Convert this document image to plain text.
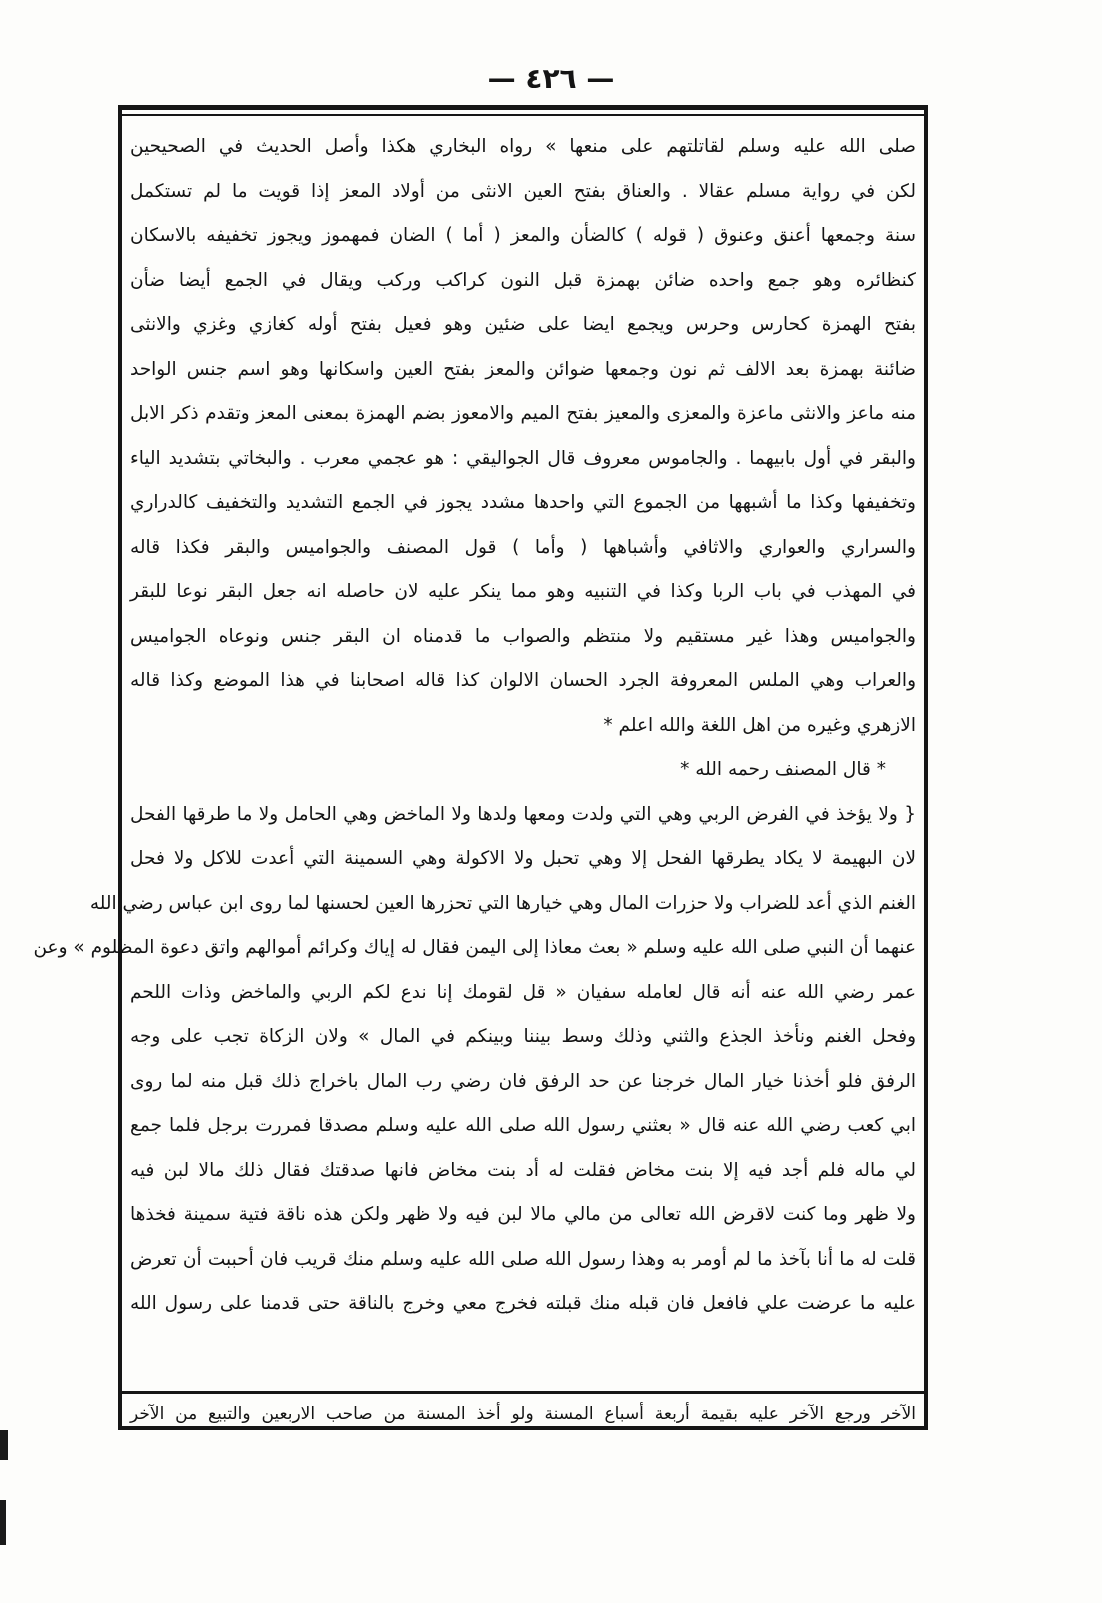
— ٤٢٦ —
صلى الله عليه وسلم لقاتلتهم على منعها » رواه البخاري هكذا وأصل الحديث في الصحيحين
لكن في رواية مسلم عقالا . والعناق بفتح العين الانثى من أولاد المعز إذا قويت ما لم تستكمل
سنة وجمعها أعنق وعنوق ( قوله ) كالضأن والمعز ( أما ) الضان فمهموز ويجوز تخفيفه بالاسكان
كنظائره وهو جمع واحده ضائن بهمزة قبل النون كراكب وركب ويقال في الجمع أيضا ضأن
بفتح الهمزة كحارس وحرس ويجمع ايضا على ضئين وهو فعيل بفتح أوله كغازي وغزي والانثى
ضائنة بهمزة بعد الالف ثم نون وجمعها ضوائن والمعز بفتح العين واسكانها وهو اسم جنس الواحد
منه ماعز والانثى ماعزة والمعزى والمعيز بفتح الميم والامعوز بضم الهمزة بمعنى المعز وتقدم ذكر الابل
والبقر في أول بابيهما . والجاموس معروف قال الجواليقي : هو عجمي معرب . والبخاتي بتشديد الياء
وتخفيفها وكذا ما أشبهها من الجموع التي واحدها مشدد يجوز في الجمع التشديد والتخفيف كالدراري
والسراري والعواري والاثافي وأشباهها ( وأما ) قول المصنف والجواميس والبقر فكذا قاله
في المهذب في باب الربا وكذا في التنبيه وهو مما ينكر عليه لان حاصله انه جعل البقر نوعا للبقر
والجواميس وهذا غير مستقيم ولا منتظم والصواب ما قدمناه ان البقر جنس ونوعاه الجواميس
والعراب وهي الملس المعروفة الجرد الحسان الالوان كذا قاله اصحابنا في هذا الموضع وكذا قاله
الازهري وغيره من اهل اللغة والله اعلم *
* قال المصنف رحمه الله *
{ ولا يؤخذ في الفرض الربي وهي التي ولدت ومعها ولدها ولا الماخض وهي الحامل ولا ما طرقها الفحل
لان البهيمة لا يكاد يطرقها الفحل إلا وهي تحبل ولا الاكولة وهي السمينة التي أعدت للاكل ولا فحل
الغنم الذي أعد للضراب ولا حزرات المال وهي خيارها التي تحزرها العين لحسنها لما روى ابن عباس رضي الله
عنهما أن النبي صلى الله عليه وسلم « بعث معاذا إلى اليمن فقال له إياك وكرائم أموالهم واتق دعوة المظلوم » وعن
عمر رضي الله عنه أنه قال لعامله سفيان « قل لقومك إنا ندع لكم الربي والماخض وذات اللحم
وفحل الغنم ونأخذ الجذع والثني وذلك وسط بيننا وبينكم في المال » ولان الزكاة تجب على وجه
الرفق فلو أخذنا خيار المال خرجنا عن حد الرفق فان رضي رب المال باخراج ذلك قبل منه لما روى
ابي كعب رضي الله عنه قال « بعثني رسول الله صلى الله عليه وسلم مصدقا فمررت برجل فلما جمع
لي ماله فلم أجد فيه إلا بنت مخاض فقلت له أد بنت مخاض فانها صدقتك فقال ذلك مالا لبن فيه
ولا ظهر وما كنت لاقرض الله تعالى من مالي مالا لبن فيه ولا ظهر ولكن هذه ناقة فتية سمينة فخذها
قلت له ما أنا بآخذ ما لم أومر به وهذا رسول الله صلى الله عليه وسلم منك قريب فان أحببت أن تعرض
عليه ما عرضت علي فافعل فان قبله منك قبلته فخرج معي وخرج بالناقة حتى قدمنا على رسول الله
الآخر ورجع الآخر عليه بقيمة أربعة أسباع المسنة ولو أخذ المسنة من صاحب الاربعين والتبيع من الآخر
